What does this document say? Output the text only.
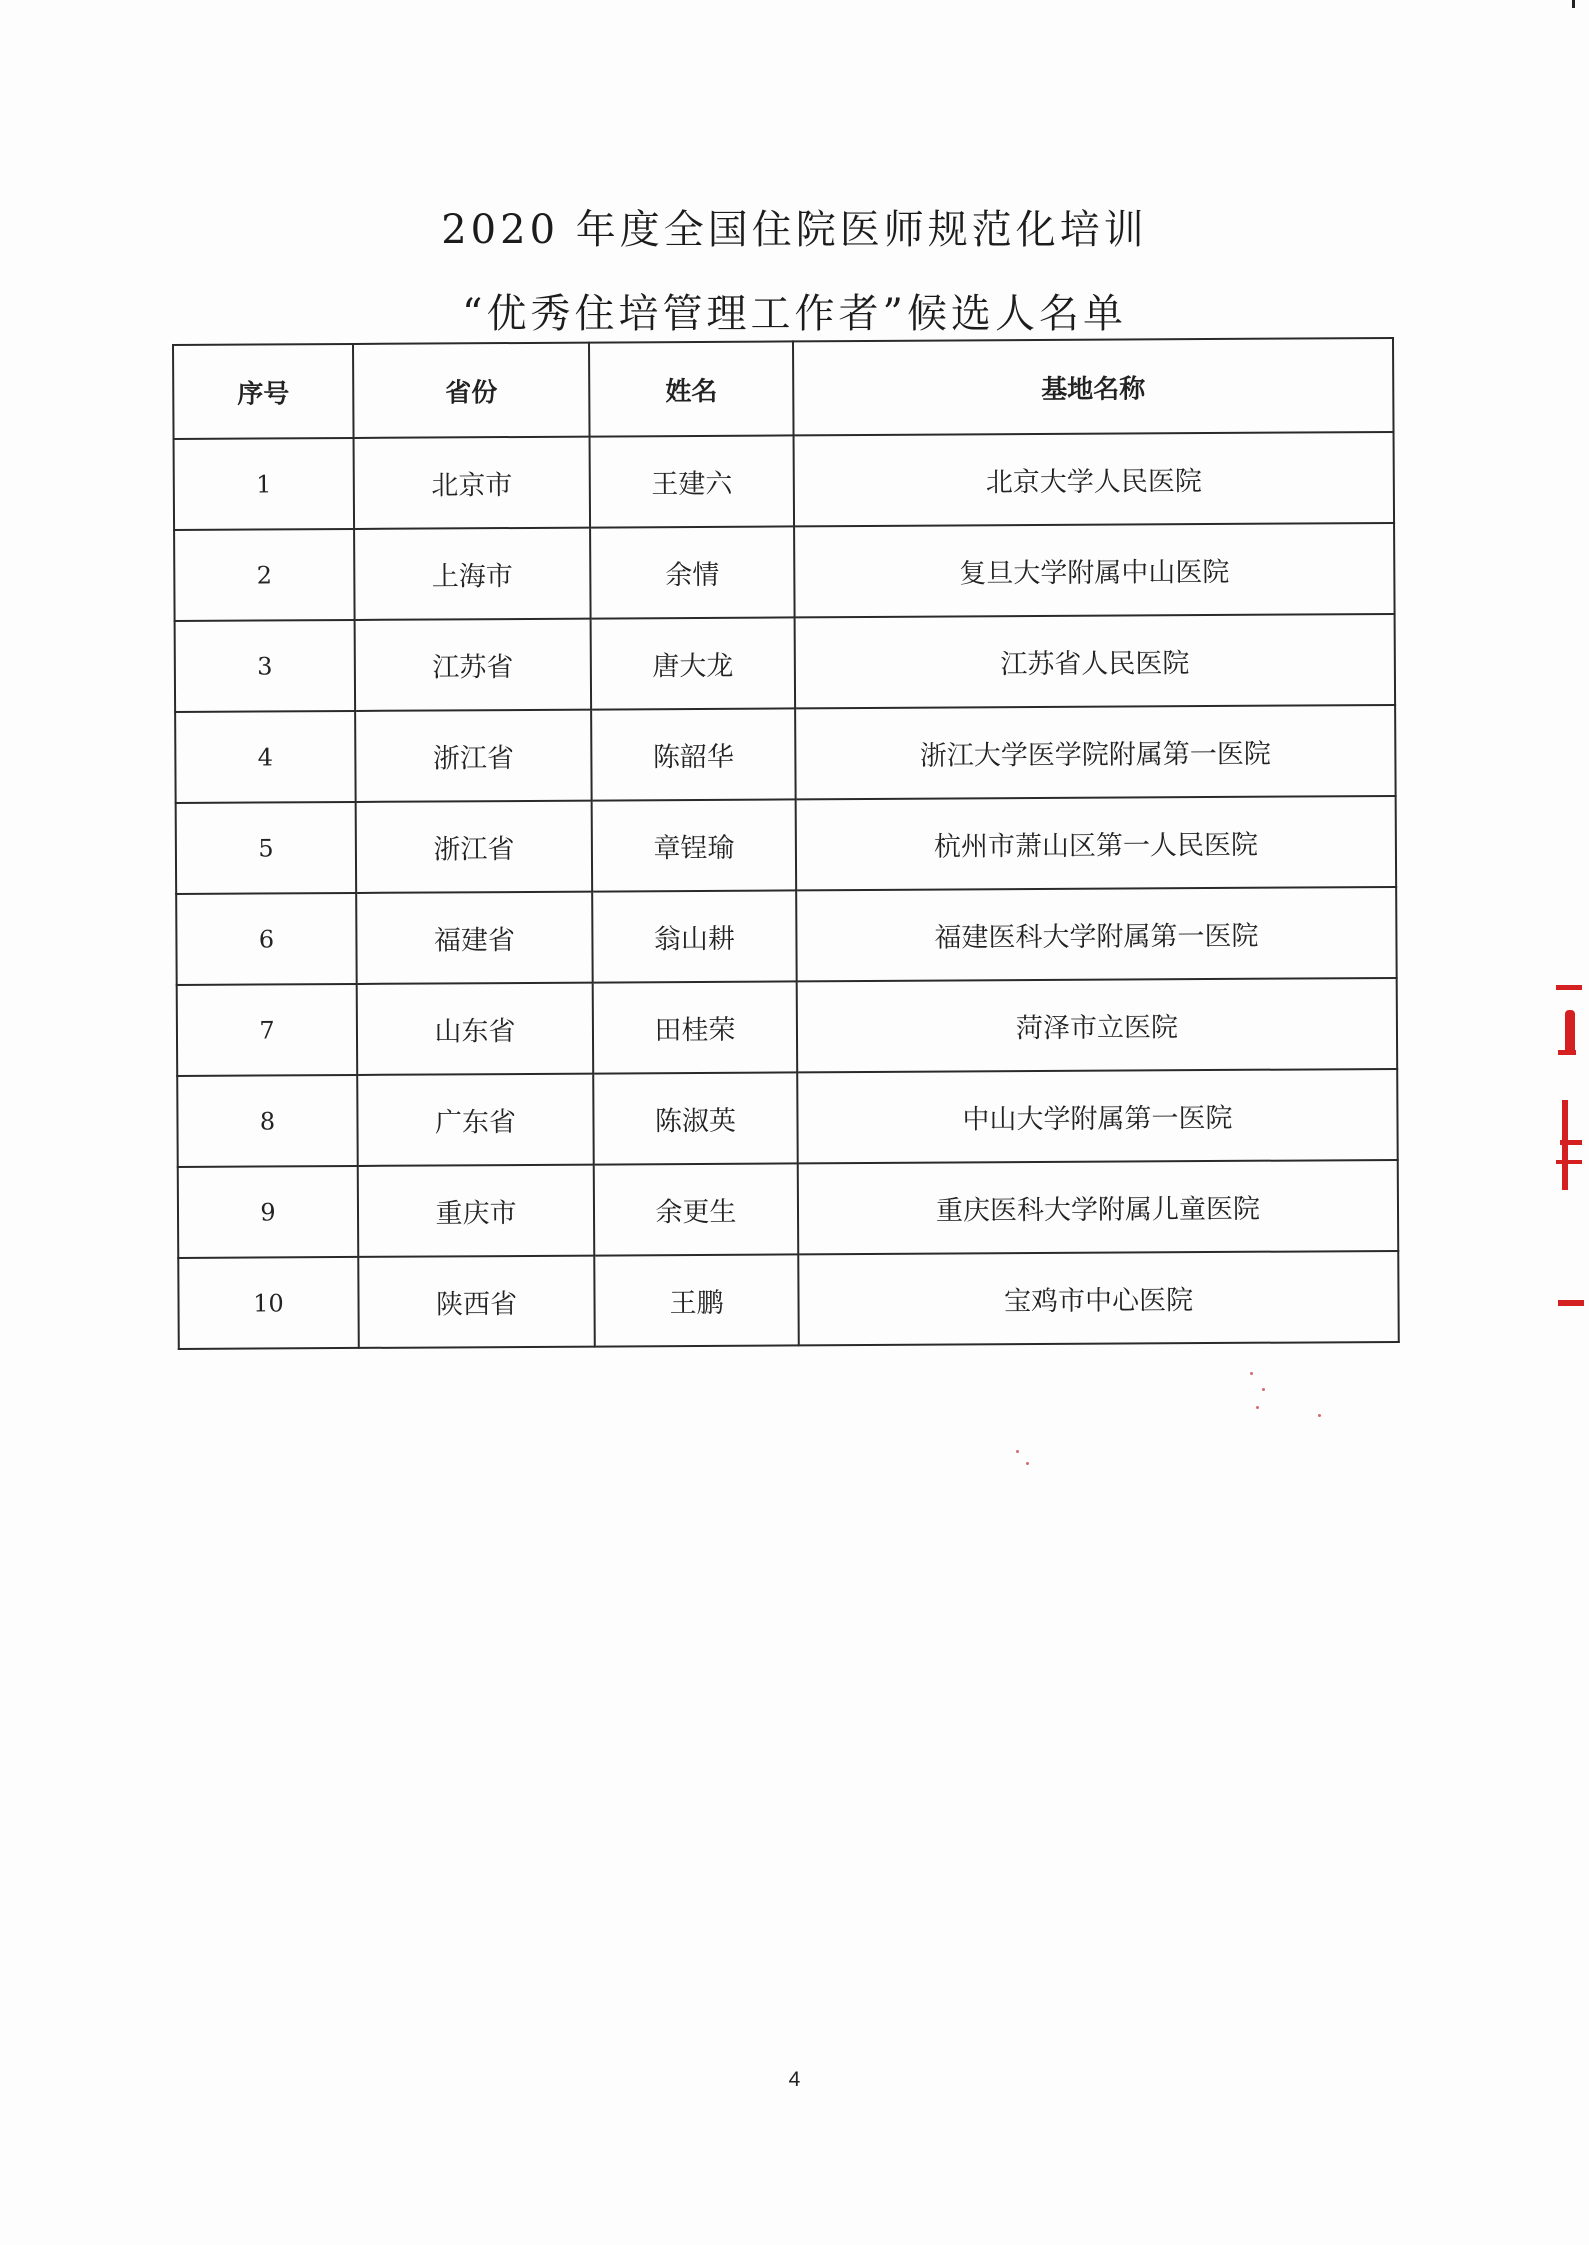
2020 年度全国住院医师规范化培训
“优秀住培管理工作者”候选人名单
序号	省份	姓名	基地名称
1	北京市	王建六	北京大学人民医院
2	上海市	余情	复旦大学附属中山医院
3	江苏省	唐大龙	江苏省人民医院
4	浙江省	陈韶华	浙江大学医学院附属第一医院
5	浙江省	章锃瑜	杭州市萧山区第一人民医院
6	福建省	翁山耕	福建医科大学附属第一医院
7	山东省	田桂荣	菏泽市立医院
8	广东省	陈淑英	中山大学附属第一医院
9	重庆市	余更生	重庆医科大学附属儿童医院
10	陕西省	王鹏	宝鸡市中心医院
4
